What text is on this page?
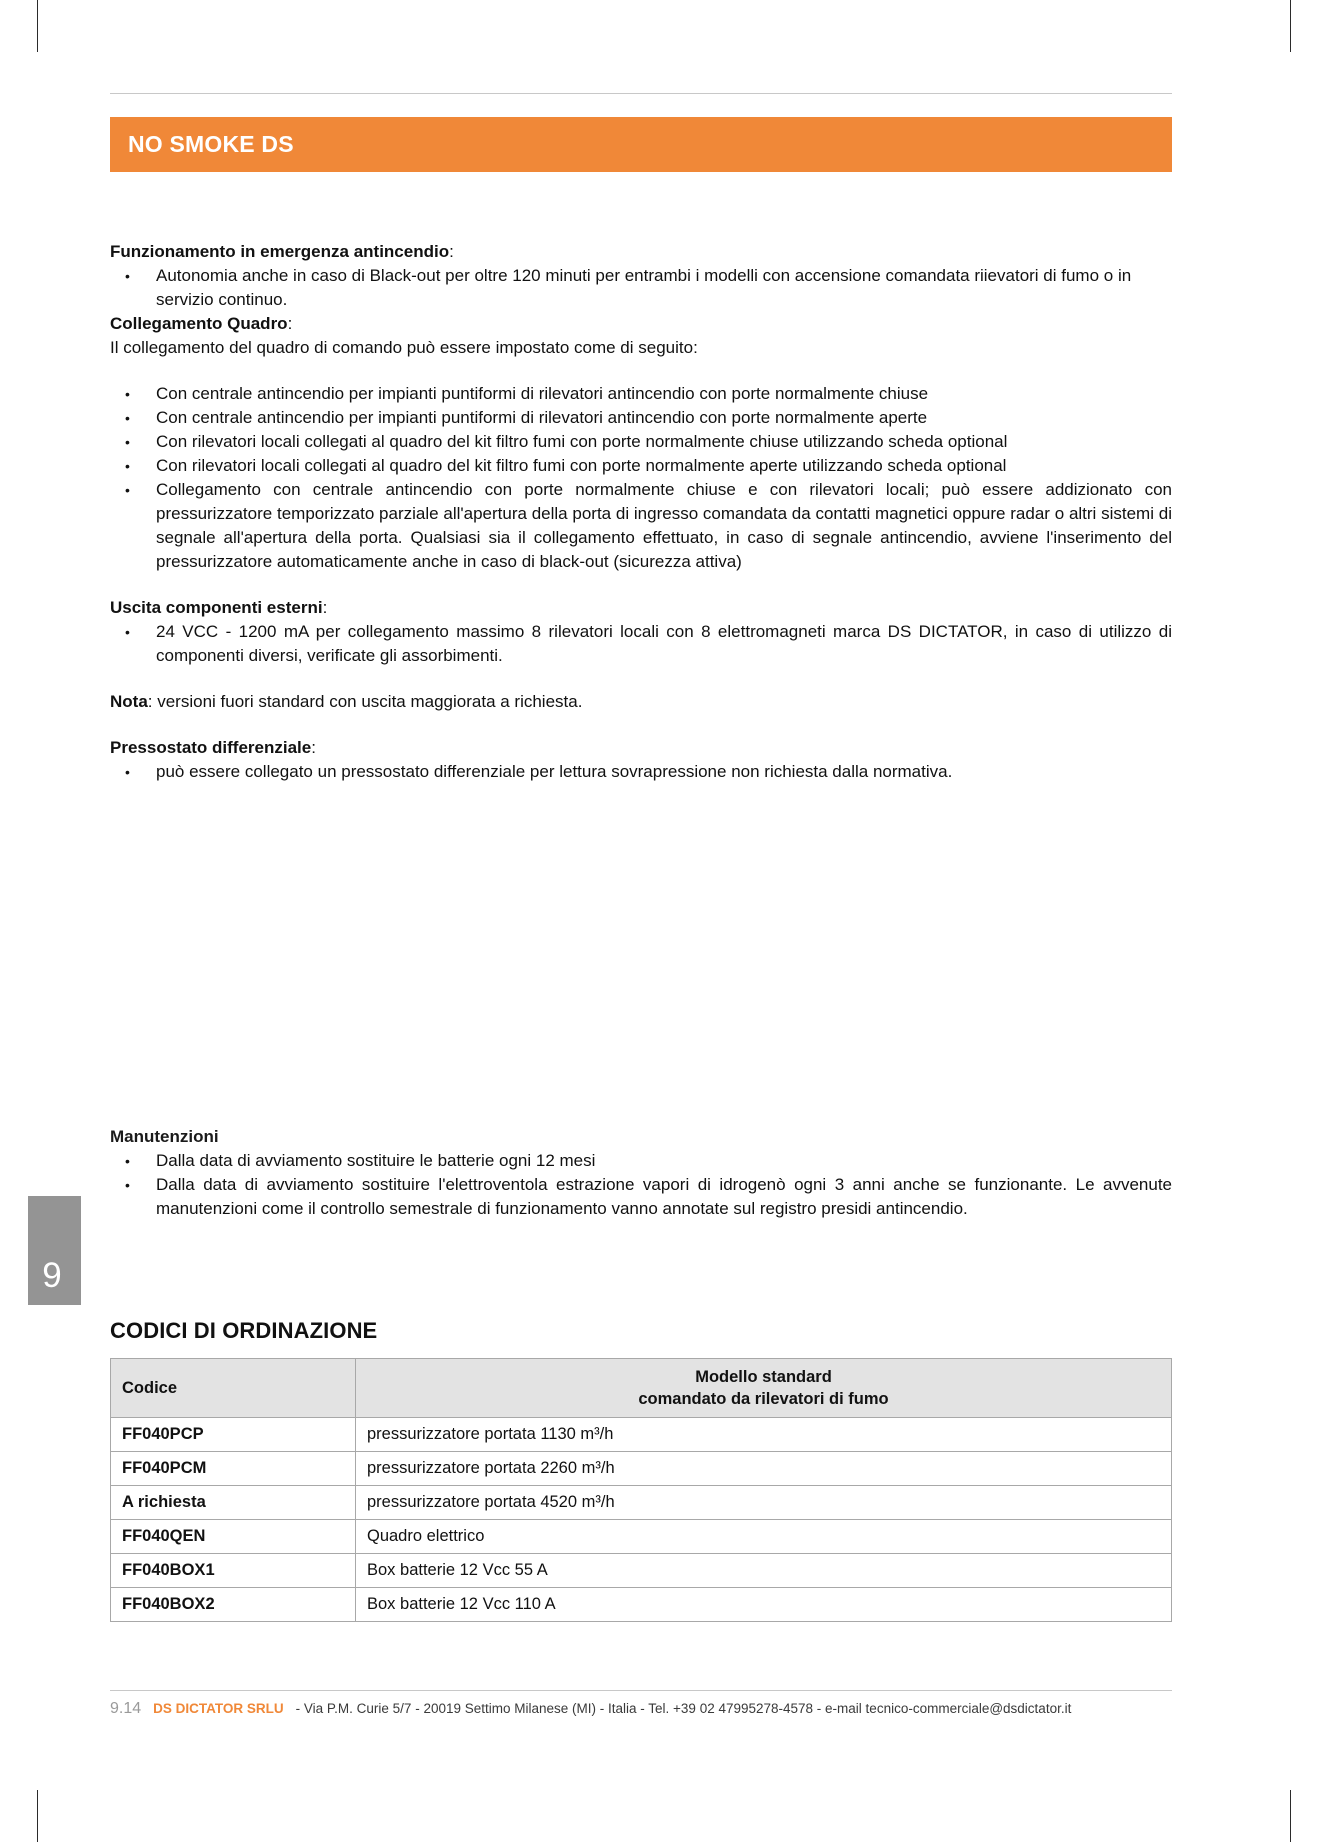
NO SMOKE DS
Funzionamento in emergenza antincendio:
• Autonomia anche in caso di Black-out per oltre 120 minuti per entrambi i modelli con accensione comandata riievatori di fumo o in servizio continuo.
Collegamento Quadro:

Il collegamento del quadro di comando può essere impostato come di seguito:

• Con centrale antincendio per impianti puntiformi di rilevatori antincendio con porte normalmente chiuse
• Con centrale antincendio per impianti puntiformi di rilevatori antincendio con porte normalmente aperte
• Con rilevatori locali collegati al quadro del kit filtro fumi con porte normalmente chiuse utilizzando scheda optional
• Con rilevatori locali collegati al quadro del kit filtro fumi con porte normalmente aperte utilizzando scheda optional
• Collegamento con centrale antincendio con porte normalmente chiuse e con rilevatori locali; può essere addizionato con pressurizzatore temporizzato parziale all'apertura della porta di ingresso comandata da contatti magnetici oppure radar o altri sistemi di segnale all'apertura della porta. Qualsiasi sia il collegamento effettuato, in caso di segnale antincendio, avviene l'inserimento del pressurizzatore automaticamente anche in caso di black-out (sicurezza attiva)
Uscita componenti esterni:
• 24 VCC - 1200 mA per collegamento massimo 8 rilevatori locali con 8 elettromagneti marca DS DICTATOR, in caso di utilizzo di componenti diversi, verificate gli assorbimenti.

Nota: versioni fuori standard con uscita maggiorata a richiesta.

Pressostato differenziale:
• può essere collegato un pressostato differenziale per lettura sovrapressione non richiesta dalla normativa.
9
Manutenzioni
• Dalla data di avviamento sostituire le batterie ogni 12 mesi
• Dalla data di avviamento sostituire l'elettroventola estrazione vapori di idrogenò ogni 3 anni anche se funzionante. Le avvenute manutenzioni come il controllo semestrale di funzionamento vanno annotate sul registro presidi antincendio.
CODICI DI ORDINAZIONE
Codice	Modello standard
comandato da rilevatori di fumo

FF040PCP	pressurizzatore portata 1130 m³/h
FF040PCM	pressurizzatore portata 2260 m³/h
A richiesta	pressurizzatore portata 4520 m³/h
FF040QEN	Quadro elettrico
FF040BOX1	Box batterie 12 Vcc 55 A
FF040BOX2	Box batterie 12 Vcc 110 A
9.14 DS DICTATOR SRLU - Via P.M. Curie 5/7 - 20019 Settimo Milanese (MI) - Italia - Tel. +39 02 47995278-4578 - e-mail tecnico-commerciale@dsdictator.it
